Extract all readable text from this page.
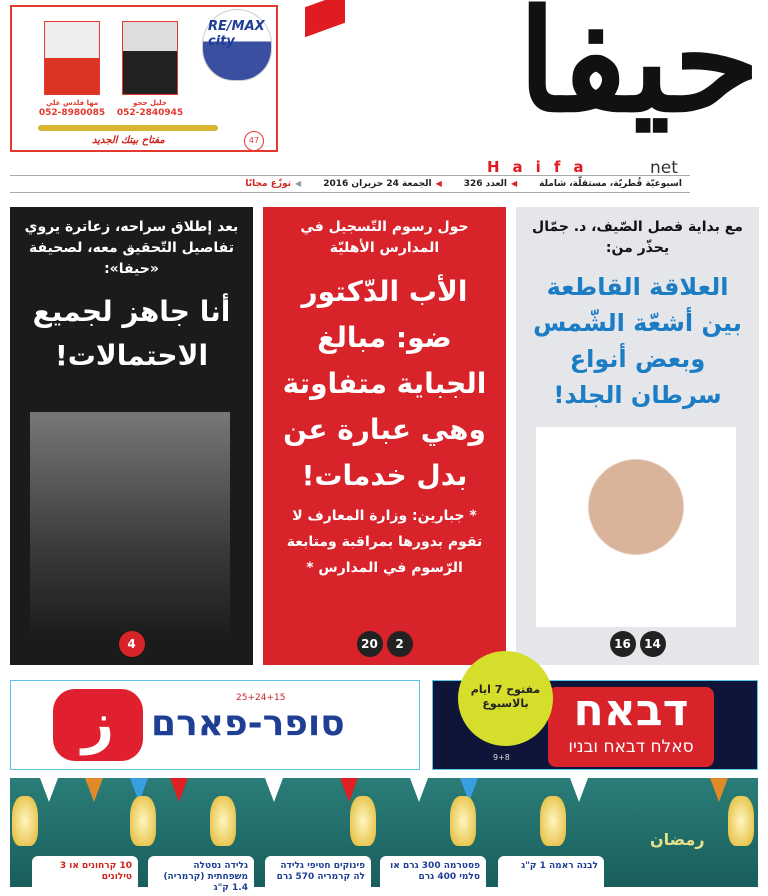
RE/MAX city
خليل حجو
052-2840945
مها قلدس علي
052-8980085
مفتاح بيتك الجديد	47 حيفا
Haifa	net
اسبوعيّة قُطريّة، مستقلّة، شاملة
◀العدد 326
◀الجمعة 24 حزيران 2016
◀توزّع مجانًا
مع بداية فصل الصّيف، د. جمّال يحذّر من:
العلاقة القاطعة بين أشعّة الشّمس وبعض أنواع سرطان الجلد!
14
16
حول رسوم التّسجيل في المدارس الأهليّة
الأب الدّكتور ضو: مبالغ الجباية متفاوتة وهي عبارة عن بدل خدمات!
* جبارين: وزارة المعارف لا تقوم بدورها بمراقبة ومتابعة الرّسوم في المدارس *
2
20
بعد إطلاق سراحه، زعاترة يروي تفاصيل التّحقيق معه، لصحيفة «حيفا»:
أنا جاهز لجميع الاحتمالات!
4
ﺯ	25+24+15
סופר-פארם	דבאח
סאלח דבאח ובניו
مفتوح 7 ايام بالاسبوع
9+8
رمضان
לבנה ראמה 1 ק"ג
פסטרמה 300 גרם או סלמי 400 גרם
פינוקים חטיפי גלידה לה קרמריה 570 גרם
גלידה נסטלה משפחתית (קרמריה) 1.4 ק"ג
10 קרחונים או 3 טילונים
